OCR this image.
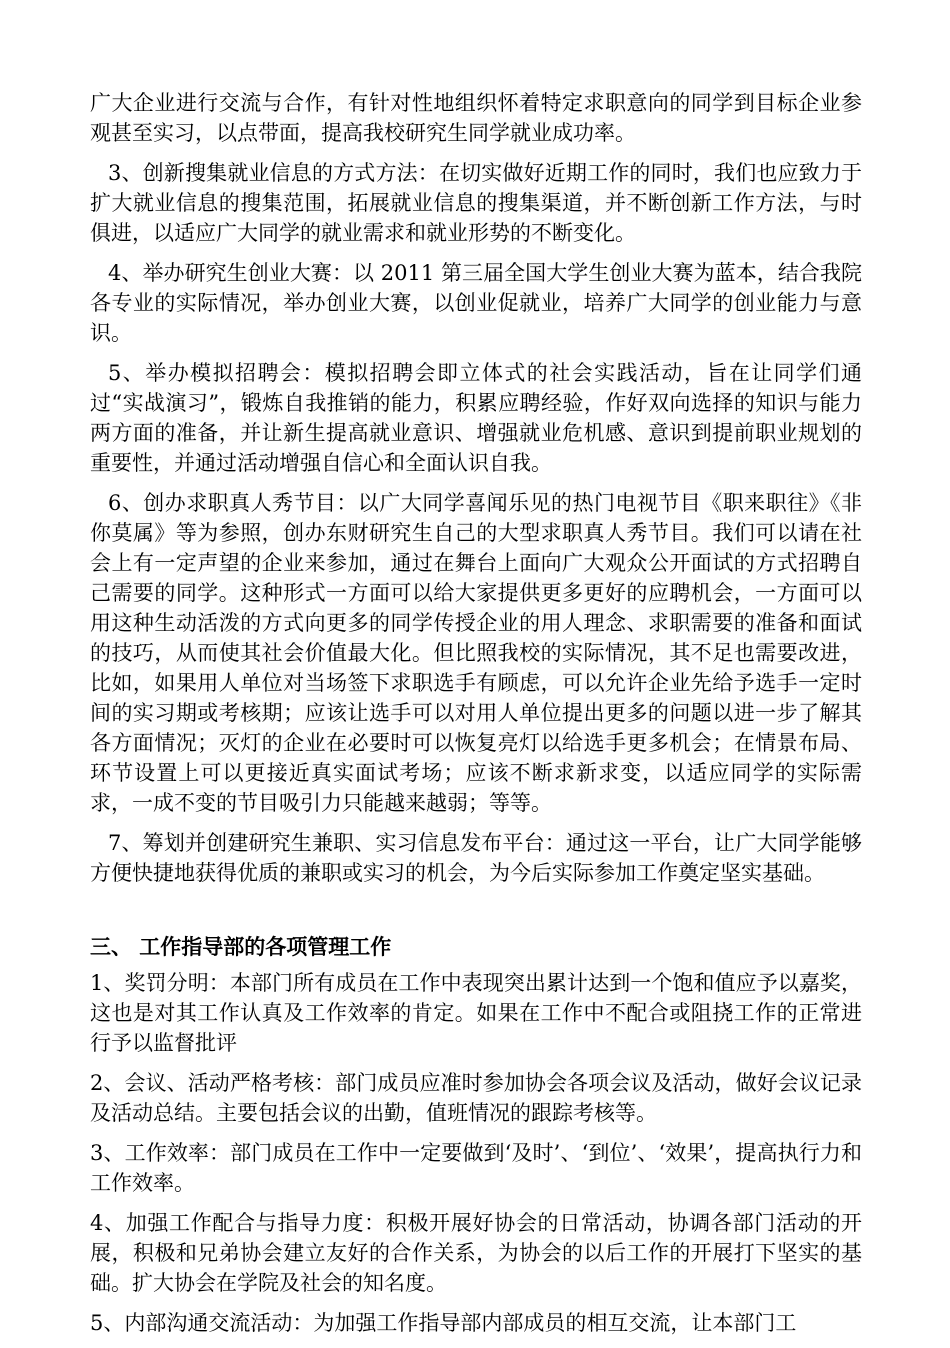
广大企业进行交流与合作，有针对性地组织怀着特定求职意向的同学到目标企业参观甚至实习，以点带面，提高我校研究生同学就业成功率。

3、创新搜集就业信息的方式方法：在切实做好近期工作的同时，我们也应致力于扩大就业信息的搜集范围，拓展就业信息的搜集渠道，并不断创新工作方法，与时俱进，以适应广大同学的就业需求和就业形势的不断变化。

4、举办研究生创业大赛：以 2011 第三届全国大学生创业大赛为蓝本，结合我院各专业的实际情况，举办创业大赛，以创业促就业，培养广大同学的创业能力与意识。

5、举办模拟招聘会：模拟招聘会即立体式的社会实践活动，旨在让同学们通过“实战演习”，锻炼自我推销的能力，积累应聘经验，作好双向选择的知识与能力两方面的准备，并让新生提高就业意识、增强就业危机感、意识到提前职业规划的重要性，并通过活动增强自信心和全面认识自我。

6、创办求职真人秀节目：以广大同学喜闻乐见的热门电视节目《职来职往》《非你莫属》等为参照，创办东财研究生自己的大型求职真人秀节目。我们可以请在社会上有一定声望的企业来参加，通过在舞台上面向广大观众公开面试的方式招聘自己需要的同学。这种形式一方面可以给大家提供更多更好的应聘机会，一方面可以用这种生动活泼的方式向更多的同学传授企业的用人理念、求职需要的准备和面试的技巧，从而使其社会价值最大化。但比照我校的实际情况，其不足也需要改进，比如，如果用人单位对当场签下求职选手有顾虑，可以允许企业先给予选手一定时间的实习期或考核期；应该让选手可以对用人单位提出更多的问题以进一步了解其各方面情况；灭灯的企业在必要时可以恢复亮灯以给选手更多机会；在情景布局、环节设置上可以更接近真实面试考场；应该不断求新求变，以适应同学的实际需求，一成不变的节目吸引力只能越来越弱；等等。

7、筹划并创建研究生兼职、实习信息发布平台：通过这一平台，让广大同学能够方便快捷地获得优质的兼职或实习的机会，为今后实际参加工作奠定坚实基础。

三、 工作指导部的各项管理工作

1、奖罚分明：本部门所有成员在工作中表现突出累计达到一个饱和值应予以嘉奖，这也是对其工作认真及工作效率的肯定。如果在工作中不配合或阻挠工作的正常进行予以监督批评

2、会议、活动严格考核：部门成员应准时参加协会各项会议及活动，做好会议记录及活动总结。主要包括会议的出勤，值班情况的跟踪考核等。

3、工作效率：部门成员在工作中一定要做到‘及时’、‘到位’、‘效果’，提高执行力和工作效率。

4、加强工作配合与指导力度：积极开展好协会的日常活动，协调各部门活动的开展，积极和兄弟协会建立友好的合作关系，为协会的以后工作的开展打下坚实的基础。扩大协会在学院及社会的知名度。

5、内部沟通交流活动：为加强工作指导部内部成员的相互交流，让本部门工
